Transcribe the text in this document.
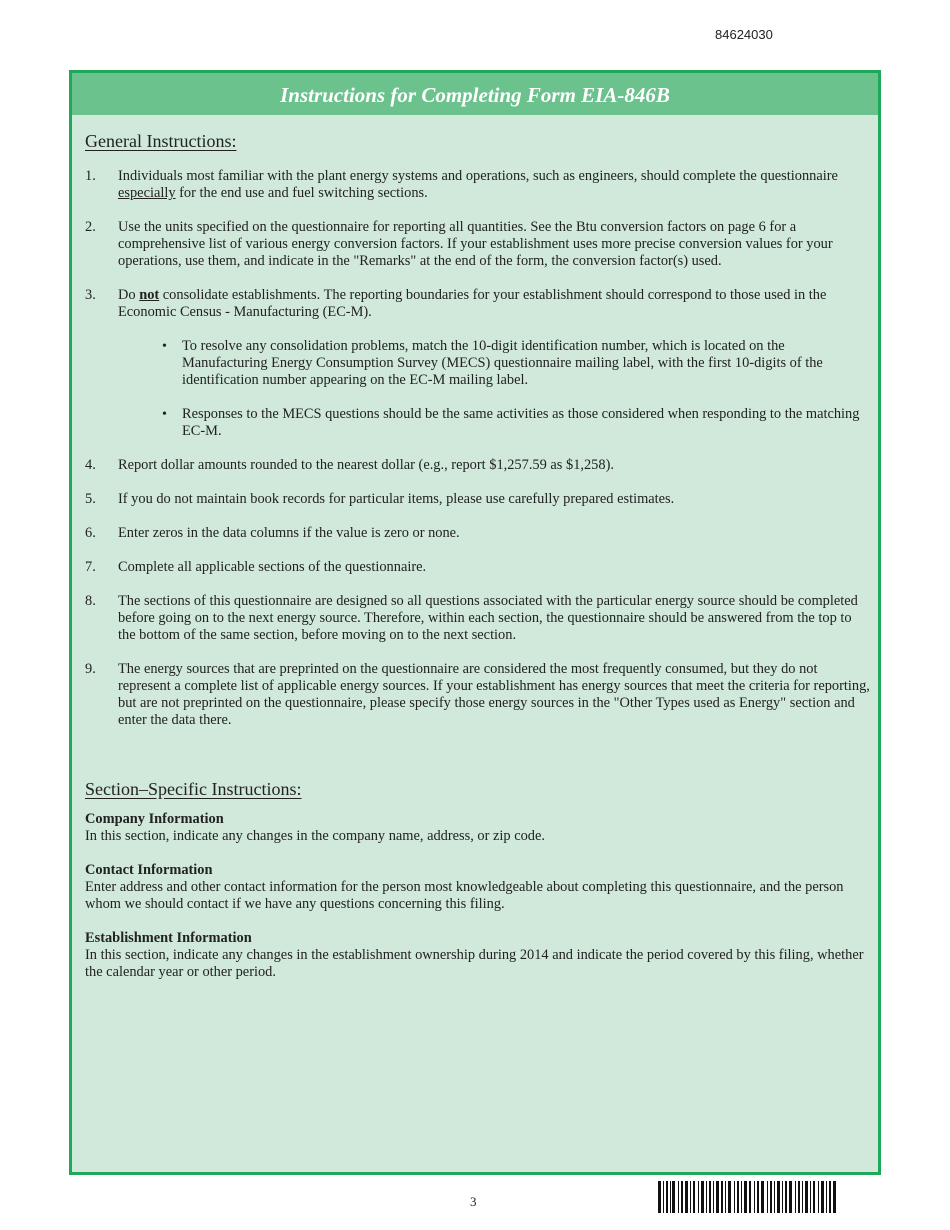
84624030
Instructions for Completing Form EIA-846B
General Instructions:
1.	Individuals most familiar with the plant energy systems and operations, such as engineers, should complete the questionnaire especially for the end use and fuel switching sections.
2.	Use the units specified on the questionnaire for reporting all quantities. See the Btu conversion factors on page 6 for a comprehensive list of various energy conversion factors. If your establishment uses more precise conversion values for your operations, use them, and indicate in the "Remarks" at the end of the form, the conversion factor(s) used.
3.	Do not consolidate establishments. The reporting boundaries for your establishment should correspond to those used in the Economic Census - Manufacturing (EC-M).
•	To resolve any consolidation problems, match the 10-digit identification number, which is located on the Manufacturing Energy Consumption Survey (MECS) questionnaire mailing label, with the first 10-digits of the identification number appearing on the EC-M mailing label.
•	Responses to the MECS questions should be the same activities as those considered when responding to the matching EC-M.
4.	Report dollar amounts rounded to the nearest dollar (e.g., report $1,257.59 as $1,258).
5.	If you do not maintain book records for particular items, please use carefully prepared estimates.
6.	Enter zeros in the data columns if the value is zero or none.
7.	Complete all applicable sections of the questionnaire.
8.	The sections of this questionnaire are designed so all questions associated with the particular energy source should be completed before going on to the next energy source. Therefore, within each section, the questionnaire should be answered from the top to the bottom of the same section, before moving on to the next section.
9.	The energy sources that are preprinted on the questionnaire are considered the most frequently consumed, but they do not represent a complete list of applicable energy sources. If your establishment has energy sources that meet the criteria for reporting, but are not preprinted on the questionnaire, please specify those energy sources in the "Other Types used as Energy" section and enter the data there.
Section–Specific Instructions:
Company Information
In this section, indicate any changes in the company name, address, or zip code.
Contact Information
Enter address and other contact information for the person most knowledgeable about completing this questionnaire, and the person whom we should contact if we have any questions concerning this filing.
Establishment Information
In this section, indicate any changes in the establishment ownership during 2014 and indicate the period covered by this filing, whether the calendar year or other period.
3
